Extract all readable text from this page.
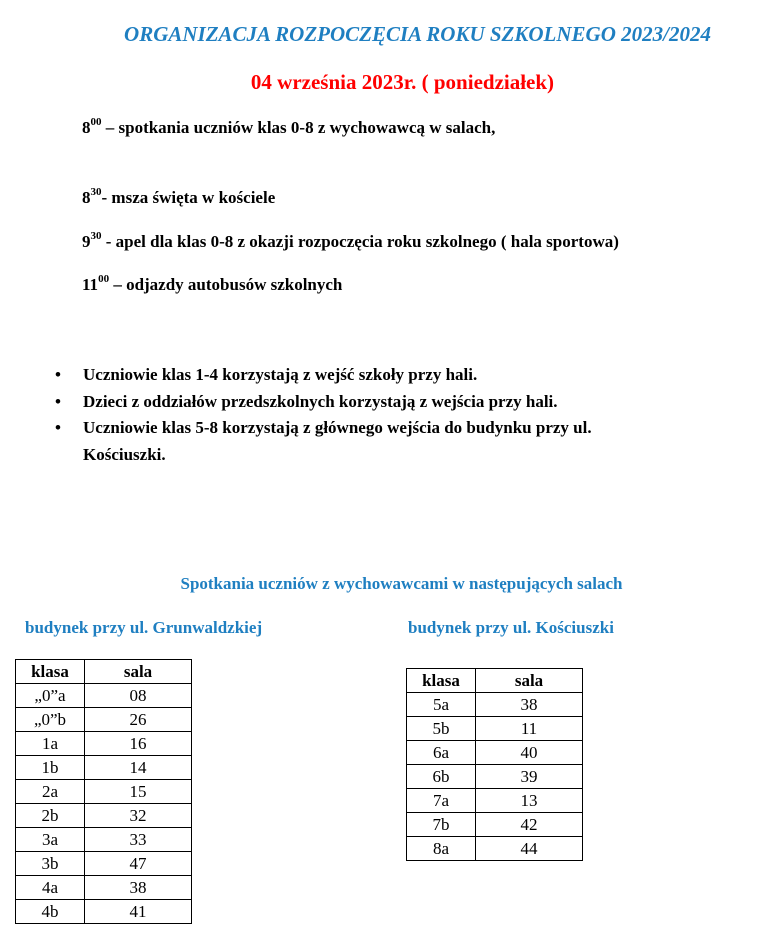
ORGANIZACJA ROZPOCZĘCIA ROKU SZKOLNEGO 2023/2024
04 września 2023r. ( poniedziałek)
$8^{00}$ – spotkania uczniów klas 0-8 z wychowawcą w salach,
$8^{30}-$ msza święta w kościele
$9^{30}$ - apel dla klas 0-8 z okazji rozpoczęcia roku szkolnego ( hala sportowa)
$11^{00}$ – odjazdy autobusów szkolnych
• Uczniowie klas 1-4 korzystają z wejść szkoły przy hali.
• Dzieci z oddziałów przedszkolnych korzystają z wejścia przy hali.
• Uczniowie klas 5-8 korzystają z głównego wejścia do budynku przy ul. Kościuszki.
Spotkania uczniów z wychowawcami w następujących salach
budynek przy ul. Grunwaldzkiej	budynek przy ul. Kościuszki
klasa	sala
„0”a	08
„0”b	26
1a	16
1b	14
2a	15
2b	32
3a	33
3b	47
4a	38
4b	41
klasa	sala
5a	38
5b	11
6a	40
6b	39
7a	13
7b	42
8a	44
